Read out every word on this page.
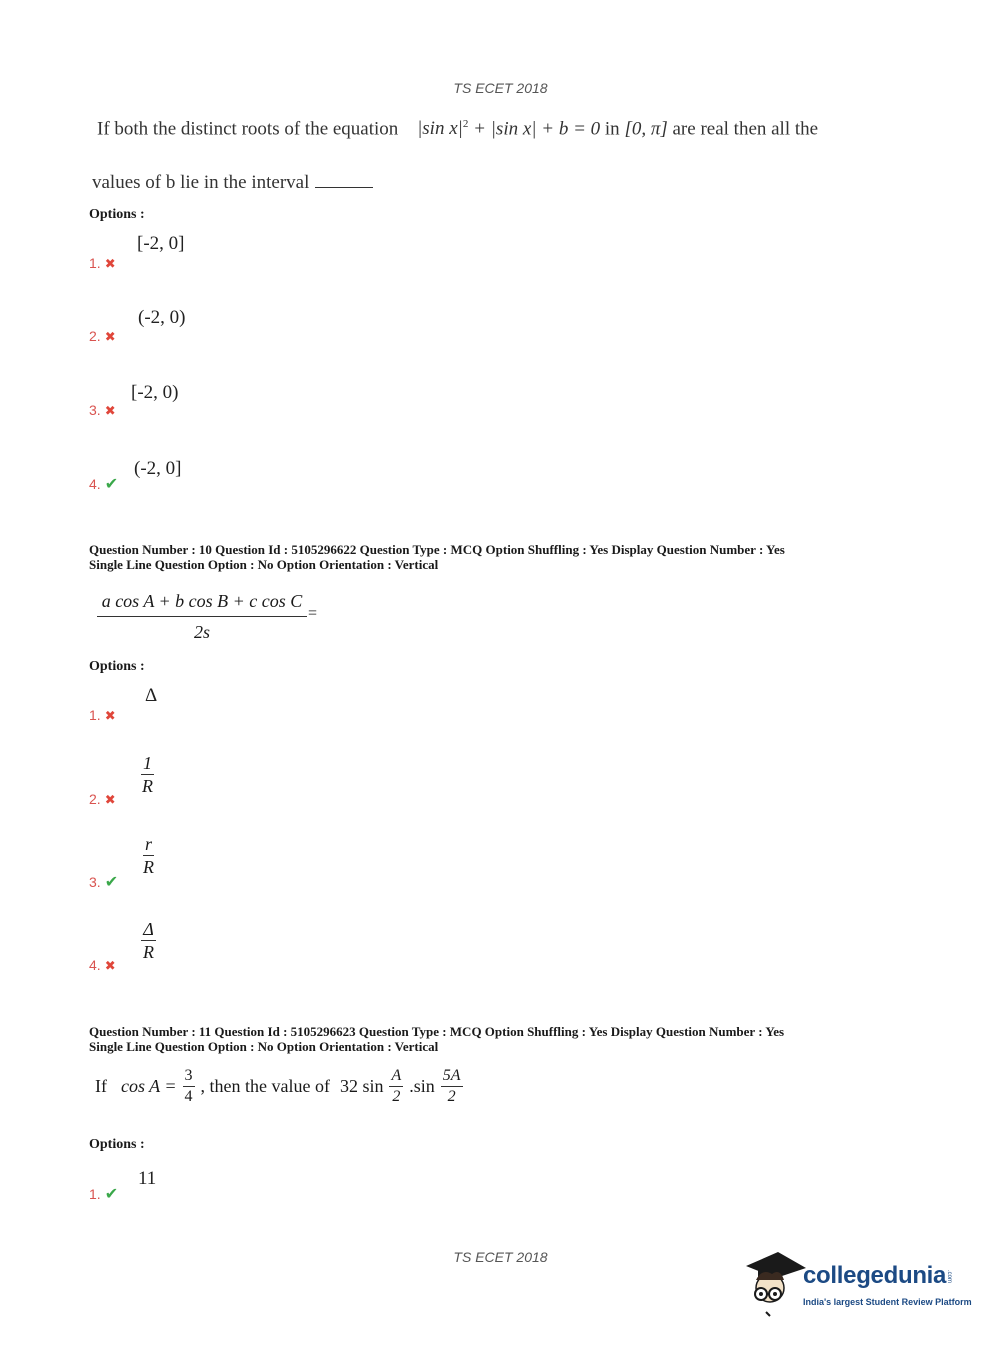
TS ECET 2018
If both the distinct roots of the equation |sin $x|^2 + |\sin$ x| + b = 0 in [0, π] are real then all the
values of b lie in the interval
Options :
[-2, 0]
1. ✖
(-2, 0)
2. ✖
[-2, 0)
3. ✖
(-2, 0]
4. ✔
Question Number : 10 Question Id : 5105296622 Question Type : MCQ Option Shuffling : Yes Display Question Number : Yes
Single Line Question Option : No Option Orientation : Vertical
$\frac{\text{a cos A + b cos B + c cos C}}{2s}$ =
Options :
Δ
1. ✖
$\frac{1}{R}$
2. ✖
$\frac{r}{R}$
3. ✔
$\frac{\Delta}{R}$
4. ✖
Question Number : 11 Question Id : 5105296623 Question Type : MCQ Option Shuffling : Yes Display Question Number : Yes
Single Line Question Option : No Option Orientation : Vertical
If $\cos A = \frac{3}{4}$ , then the value of 32 $\sin \frac{A}{2} .\sin \frac{5A}{2}$
Options :
11
1. ✔
TS ECET 2018
collegedunia.com
India's largest Student Review Platform
